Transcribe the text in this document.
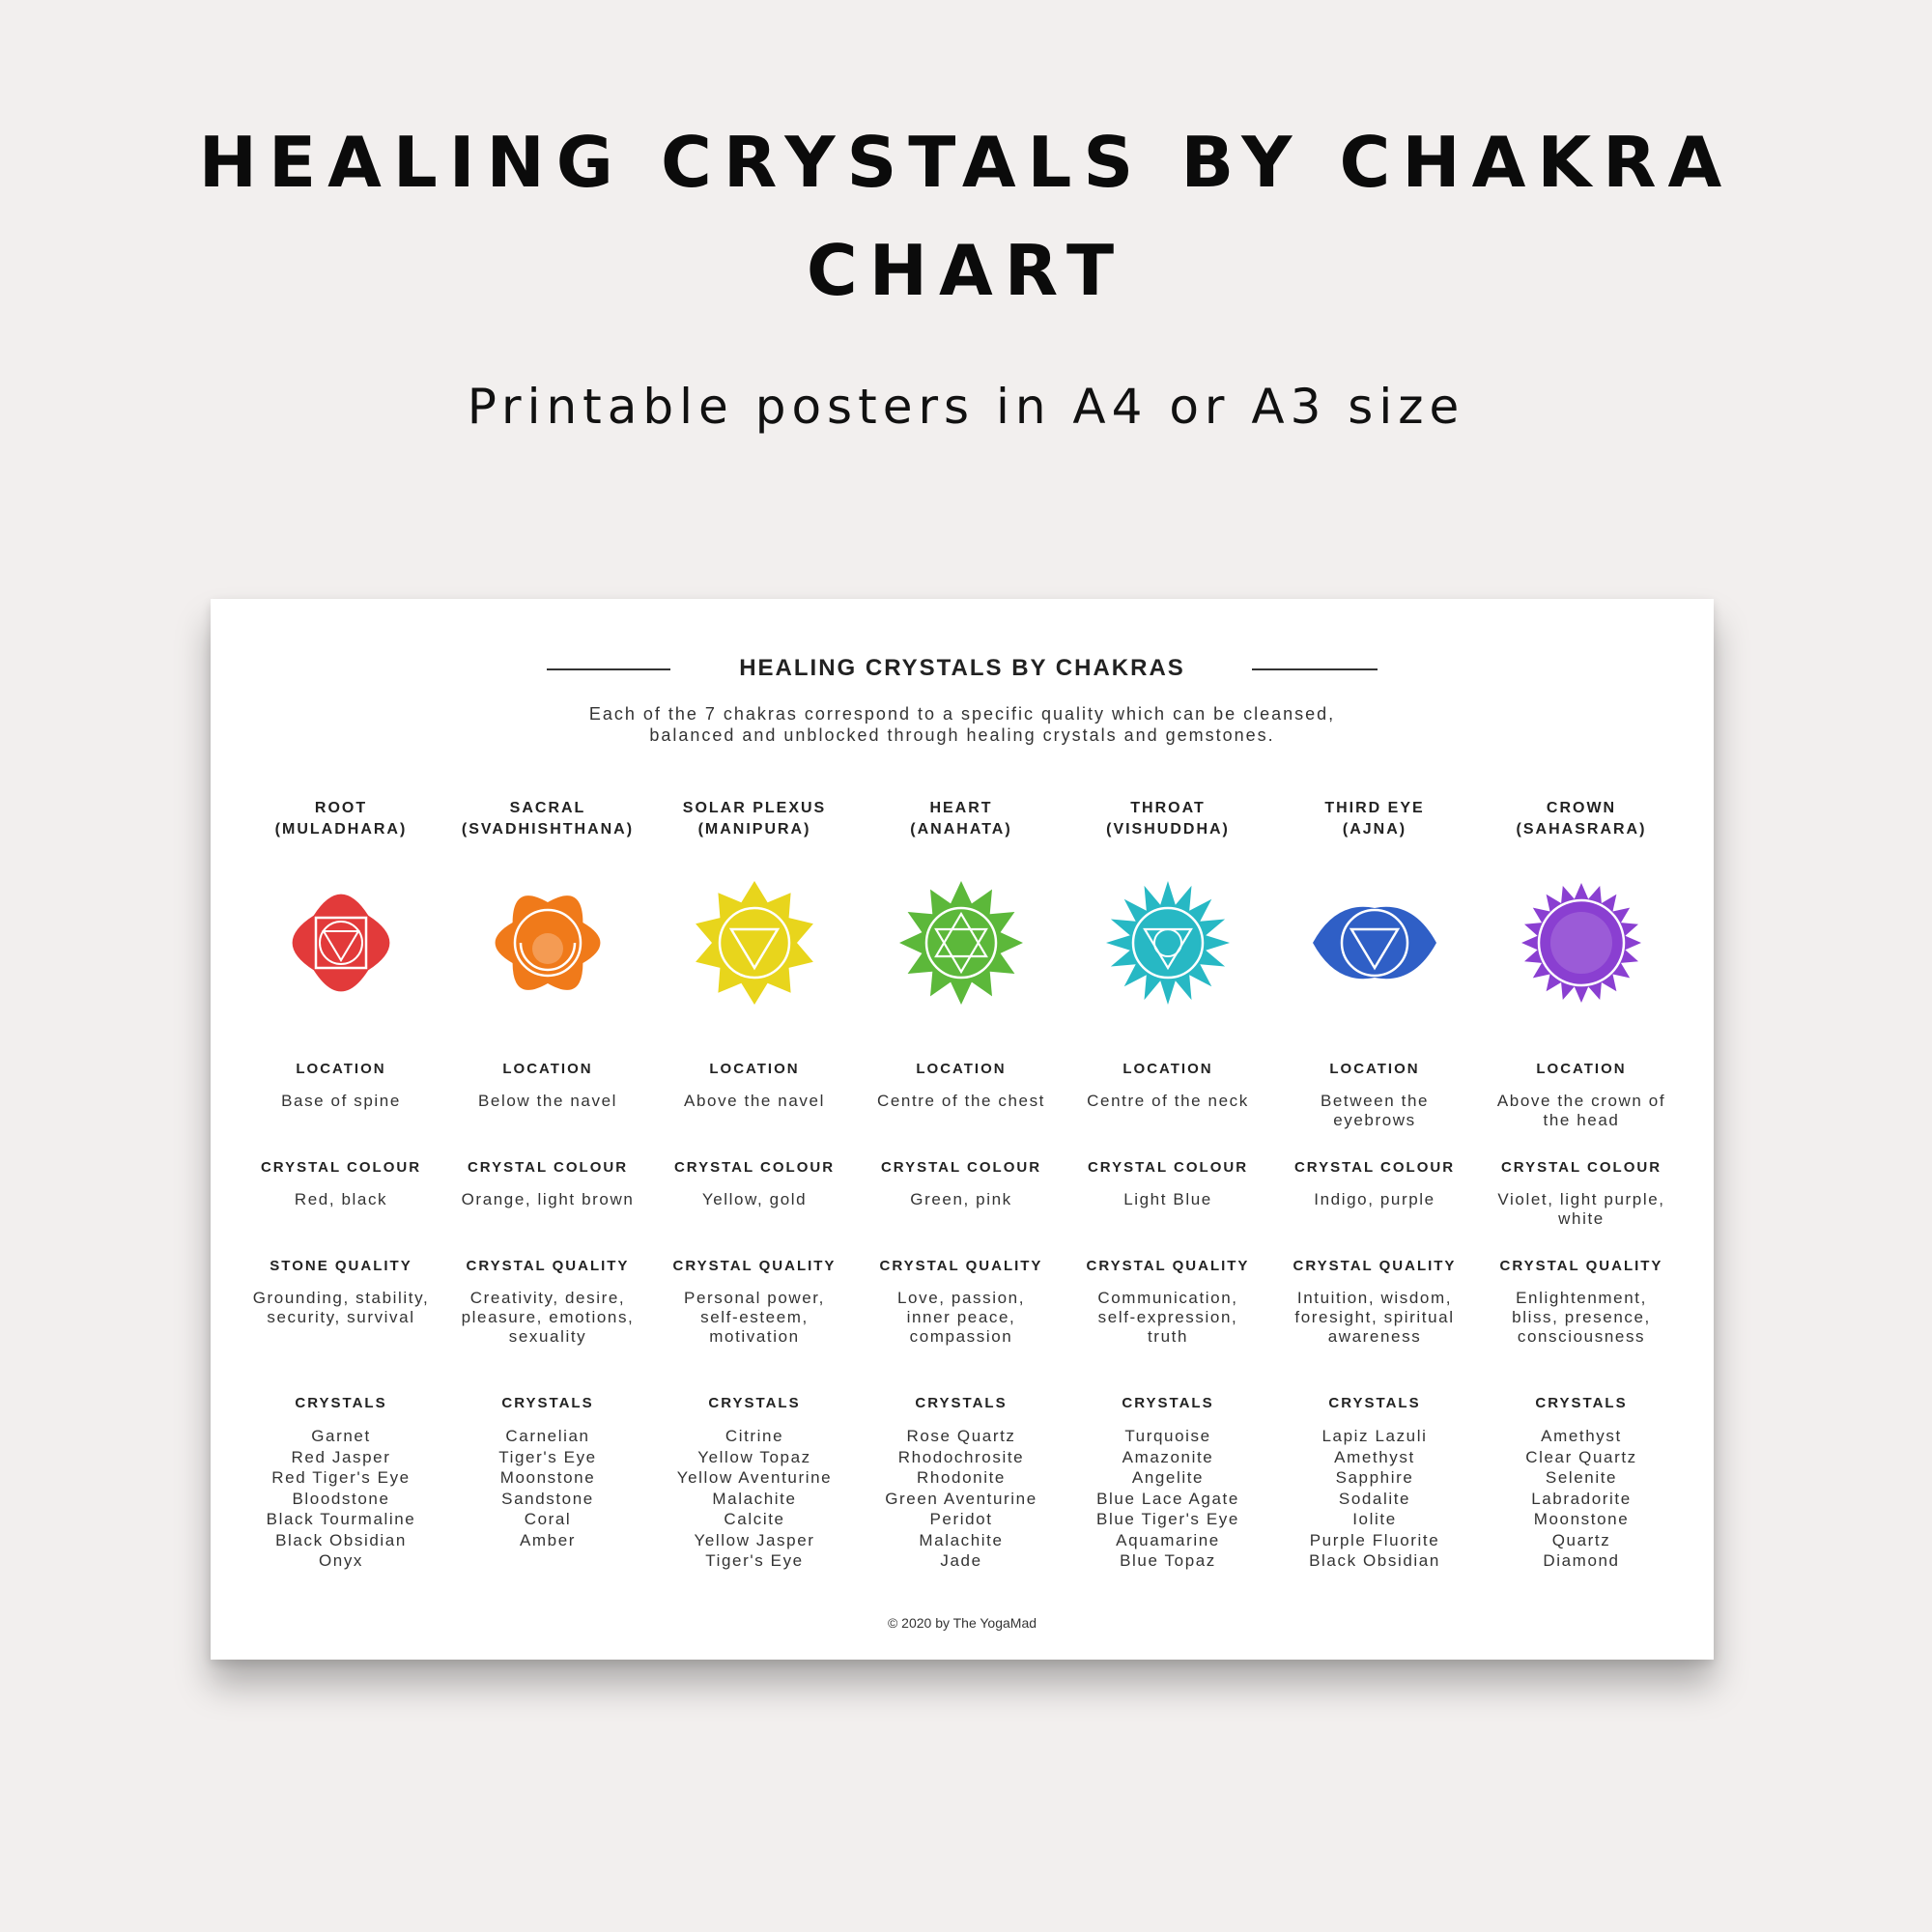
HEALING CRYSTALS BY CHAKRA CHART
Printable posters in A4 or A3 size
HEALING CRYSTALS BY CHAKRAS
Each of the 7 chakras correspond to a specific quality which can be cleansed,
balanced and unblocked through healing crystals and gemstones.
ROOT
(MULADHARA)
LOCATION
Base of spine
CRYSTAL COLOUR
Red, black
STONE QUALITY
Grounding, stability,
security, survival
CRYSTALS
Garnet
Red Jasper
Red Tiger's Eye
Bloodstone
Black Tourmaline
Black Obsidian
Onyx
SACRAL
(SVADHISHTHANA)
LOCATION
Below the navel
CRYSTAL COLOUR
Orange, light brown
CRYSTAL QUALITY
Creativity, desire,
pleasure, emotions,
sexuality
CRYSTALS
Carnelian
Tiger's Eye
Moonstone
Sandstone
Coral
Amber
SOLAR PLEXUS
(MANIPURA)
LOCATION
Above the navel
CRYSTAL COLOUR
Yellow, gold
CRYSTAL QUALITY
Personal power,
self-esteem,
motivation
CRYSTALS
Citrine
Yellow Topaz
Yellow Aventurine
Malachite
Calcite
Yellow Jasper
Tiger's Eye
HEART
(ANAHATA)
LOCATION
Centre of the chest
CRYSTAL COLOUR
Green, pink
CRYSTAL QUALITY
Love, passion,
inner peace,
compassion
CRYSTALS
Rose Quartz
Rhodochrosite
Rhodonite
Green Aventurine
Peridot
Malachite
Jade
THROAT
(VISHUDDHA)
LOCATION
Centre of the neck
CRYSTAL COLOUR
Light Blue
CRYSTAL QUALITY
Communication,
self-expression,
truth
CRYSTALS
Turquoise
Amazonite
Angelite
Blue Lace Agate
Blue Tiger's Eye
Aquamarine
Blue Topaz
THIRD EYE
(AJNA)
LOCATION
Between the
eyebrows
CRYSTAL COLOUR
Indigo, purple
CRYSTAL QUALITY
Intuition, wisdom,
foresight, spiritual
awareness
CRYSTALS
Lapiz Lazuli
Amethyst
Sapphire
Sodalite
Iolite
Purple Fluorite
Black Obsidian
CROWN
(SAHASRARA)
LOCATION
Above the crown of
the head
CRYSTAL COLOUR
Violet, light purple,
white
CRYSTAL QUALITY
Enlightenment,
bliss, presence,
consciousness
CRYSTALS
Amethyst
Clear Quartz
Selenite
Labradorite
Moonstone
Quartz
Diamond
© 2020 by The YogaMad
